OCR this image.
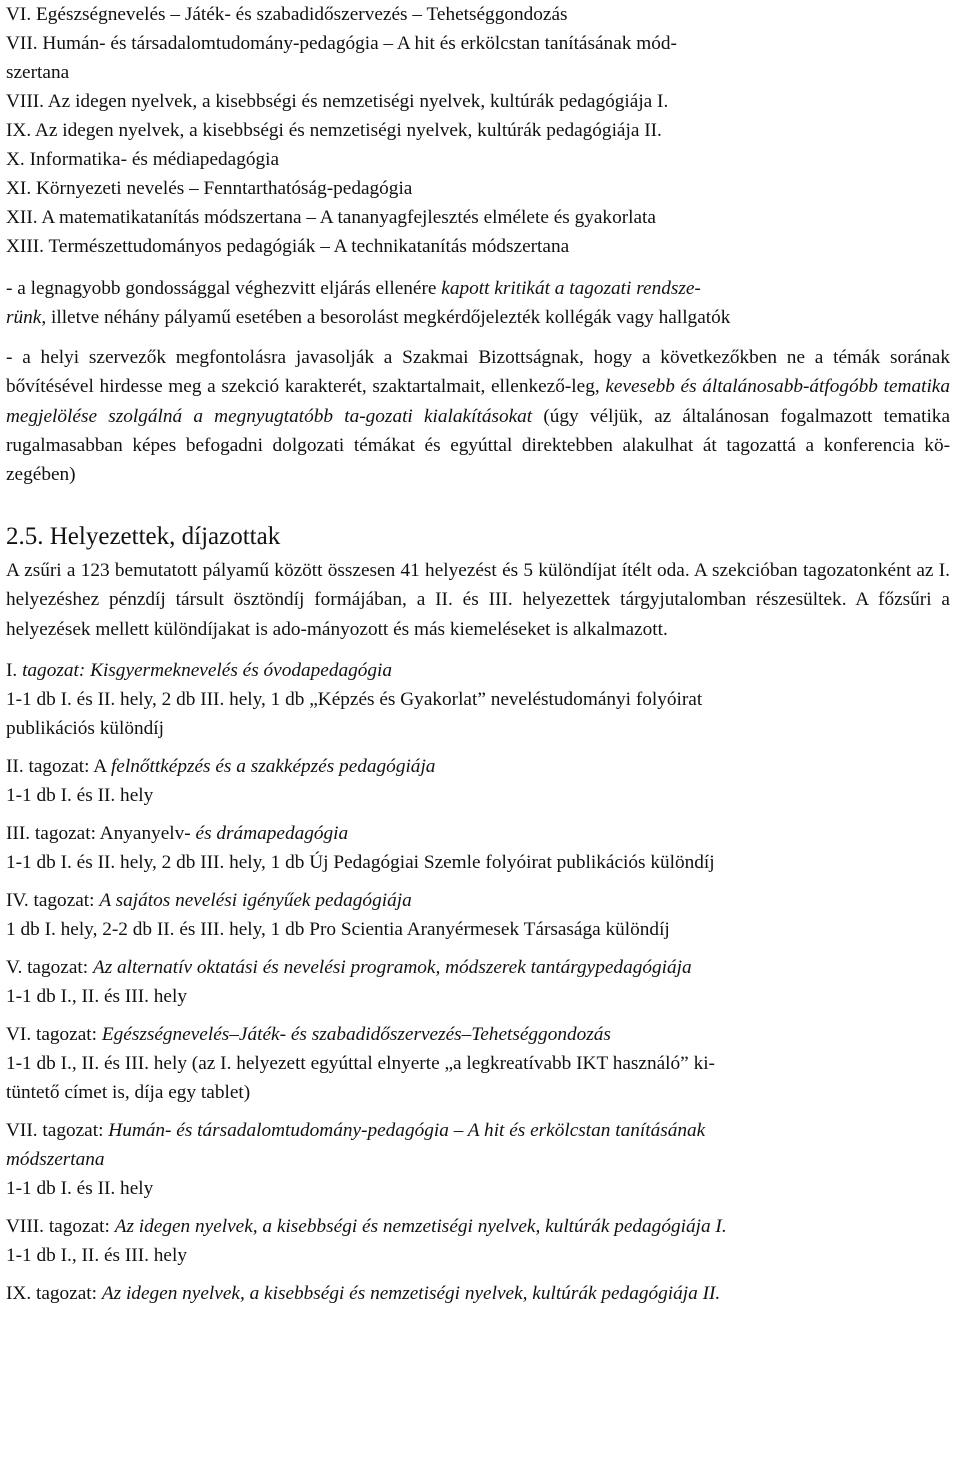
VI. Egészségnevelés – Játék- és szabadidőszervezés – Tehetséggondozás

VII. Humán- és társadalomtudomány-pedagógia – A hit és erkölcstan tanításának mód-

szertana

VIII. Az idegen nyelvek, a kisebbségi és nemzetiségi nyelvek, kultúrák pedagógiája I.

IX. Az idegen nyelvek, a kisebbségi és nemzetiségi nyelvek, kultúrák pedagógiája II.

X. Informatika- és médiapedagógia

XI. Környezeti nevelés – Fenntarthatóság-pedagógia

XII. A matematikatanítás módszertana – A tananyagfejlesztés elmélete és gyakorlata

XIII. Természettudományos pedagógiák – A technikatanítás módszertana

- a legnagyobb gondossággal véghezvitt eljárás ellenére kapott kritikát a tagozati rendsze-
rünk, illetve néhány pályamű esetében a besorolást megkérdőjelezték kollégák vagy hallgatók

- a helyi szervezők megfontolásra javasolják a Szakmai Bizottságnak, hogy a következőkben ne a témák sorának bővítésével hirdesse meg a szekció karakterét, szaktartalmait, ellenkező-leg, kevesebb és általánosabb-átfogóbb tematika megjelölése szolgálná a megnyugtatóbb ta-gozati kialakításokat (úgy véljük, az általánosan fogalmazott tematika rugalmasabban képes befogadni dolgozati témákat és egyúttal direktebben alakulhat át tagozattá a konferencia kö-zegében)

2.5. Helyezettek, díjazottak

A zsűri a 123 bemutatott pályamű között összesen 41 helyezést és 5 különdíjat ítélt oda. A szekcióban tagozatonként az I. helyezéshez pénzdíj társult ösztöndíj formájában, a II. és III. helyezettek tárgyjutalomban részesültek. A főzsűri a helyezések mellett különdíjakat is ado-mányozott és más kiemeléseket is alkalmazott.

I. tagozat: Kisgyermeknevelés és óvodapedagógia

1-1 db I. és II. hely, 2 db III. hely, 1 db „Képzés és Gyakorlat” neveléstudományi folyóirat

publikációs különdíj

II. tagozat: A felnőttképzés és a szakképzés pedagógiája

1-1 db I. és II. hely

III. tagozat: Anyanyelv- és drámapedagógia

1-1 db I. és II. hely, 2 db III. hely, 1 db Új Pedagógiai Szemle folyóirat publikációs különdíj

IV. tagozat: A sajátos nevelési igényűek pedagógiája

1 db I. hely, 2-2 db II. és III. hely, 1 db Pro Scientia Aranyérmesek Társasága különdíj

V. tagozat: Az alternatív oktatási és nevelési programok, módszerek tantárgypedagógiája

1-1 db I., II. és III. hely

VI. tagozat: Egészségnevelés–Játék- és szabadidőszervezés–Tehetséggondozás

1-1 db I., II. és III. hely (az I. helyezett egyúttal elnyerte „a legkreatívabb IKT használó” ki-

tüntető címet is, díja egy tablet)

VII. tagozat: Humán- és társadalomtudomány-pedagógia – A hit és erkölcstan tanításának

módszertana

1-1 db I. és II. hely

VIII. tagozat: Az idegen nyelvek, a kisebbségi és nemzetiségi nyelvek, kultúrák pedagógiája I.

1-1 db I., II. és III. hely

IX. tagozat: Az idegen nyelvek, a kisebbségi és nemzetiségi nyelvek, kultúrák pedagógiája II.
